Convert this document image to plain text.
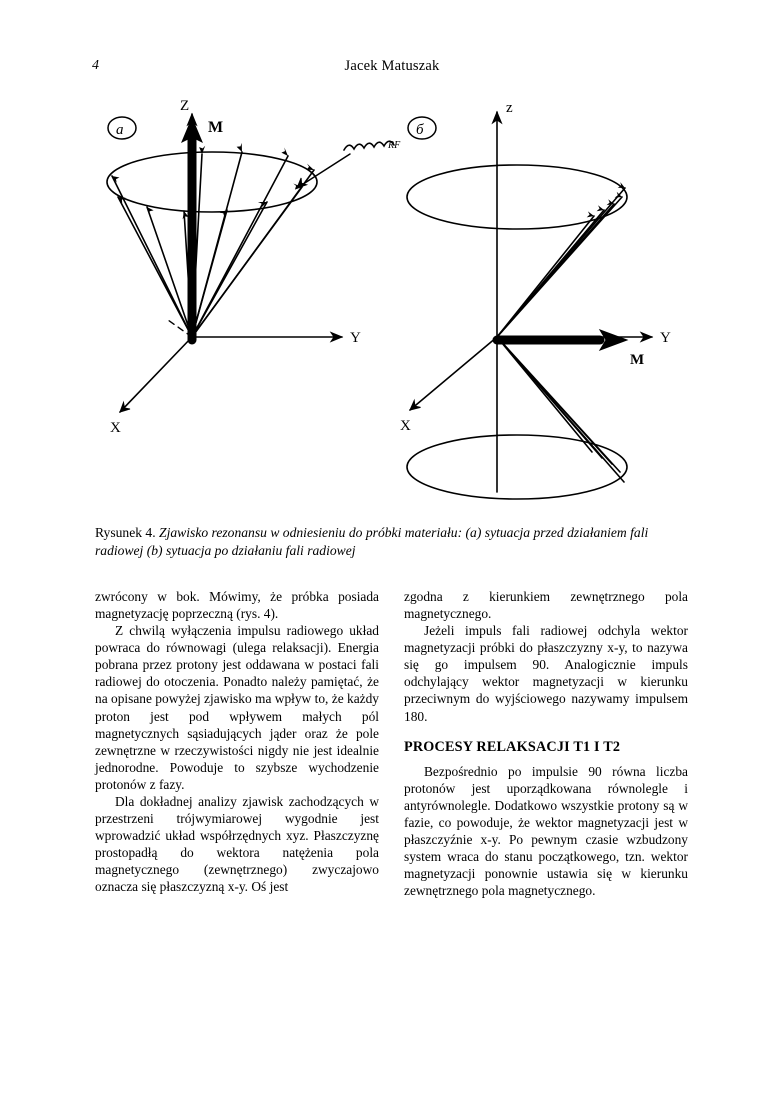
4	Jacek Matuszak
a	б
Z
Y
X
M
RF
z
Y
X
M
Rysunek 4. Zjawisko rezonansu w odniesieniu do próbki materiału: (a) sytuacja przed działaniem fali radiowej (b) sytuacja po działaniu fali radiowej

zwrócony w bok. Mówimy, że próbka posiada magnetyzację poprzeczną (rys. 4).

Z chwilą wyłączenia impulsu radiowego układ powraca do równowagi (ulega relaksacji). Energia pobrana przez protony jest oddawana w postaci fali radiowej do otoczenia. Ponadto należy pamiętać, że na opisane powyżej zjawisko ma wpływ to, że każdy proton jest pod wpływem małych pól magnetycznych sąsiadujących jąder oraz że pole zewnętrzne w rzeczywistości nigdy nie jest idealnie jednorodne. Powoduje to szybsze wychodzenie protonów z fazy.

Dla dokładnej analizy zjawisk zachodzących w przestrzeni trójwymiarowej wygodnie jest wprowadzić układ współrzędnych xyz. Płaszczyznę prostopadłą do wektora natężenia pola magnetycznego (zewnętrznego) zwyczajowo oznacza się płaszczyzną x-y. Oś jest

zgodna z kierunkiem zewnętrznego pola magnetycznego.

Jeżeli impuls fali radiowej odchyla wektor magnetyzacji próbki do płaszczyzny x-y, to nazywa się go impulsem 90. Analogicznie impuls odchylający wektor magnetyzacji w kierunku przeciwnym do wyjściowego nazywamy impulsem 180.

PROCESY RELAKSACJI T1 I T2

Bezpośrednio po impulsie 90 równa liczba protonów jest uporządkowana równolegle i antyrównolegle. Dodatkowo wszystkie protony są w fazie, co powoduje, że wektor magnetyzacji jest w płaszczyźnie x-y. Po pewnym czasie wzbudzony system wraca do stanu początkowego, tzn. wektor magnetyzacji ponownie ustawia się w kierunku zewnętrznego pola magnetycznego.
